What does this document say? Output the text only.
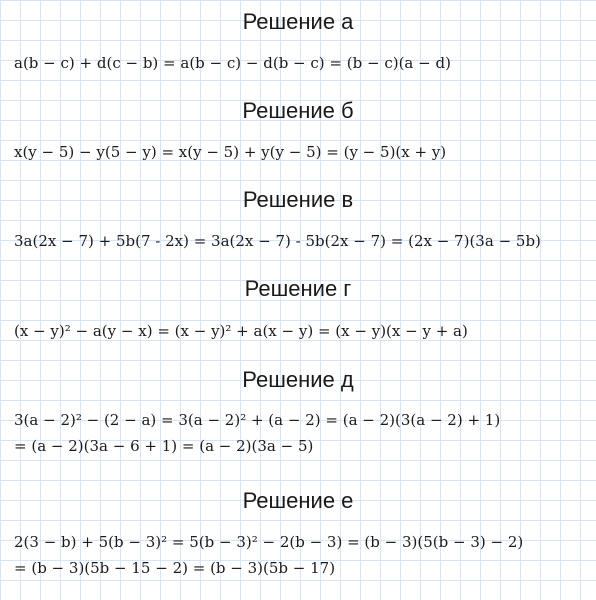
Решение а
a(b − c) + d(c − b) = a(b − c) − d(b − c) = (b − c)(a − d)
Решение б
x(y − 5) − y(5 − y) = x(y − 5) + y(y − 5) = (y − 5)(x + y)
Решение в
3a(2x − 7) + 5b(7 - 2x) = 3a(2x − 7) - 5b(2x − 7) = (2x − 7)(3a − 5b)
Решение г
(x − y)² − a(y − x) = (x − y)² + a(x − y) = (x − y)(x − y + a)
Решение д
3(a − 2)² − (2 − a) = 3(a − 2)² + (a − 2) = (a − 2)(3(a − 2) + 1)
= (a − 2)(3a − 6 + 1) = (a − 2)(3a − 5)
Решение е
2(3 − b) + 5(b − 3)² = 5(b − 3)² − 2(b − 3) = (b − 3)(5(b − 3) − 2)
= (b − 3)(5b − 15 − 2) = (b − 3)(5b − 17)
